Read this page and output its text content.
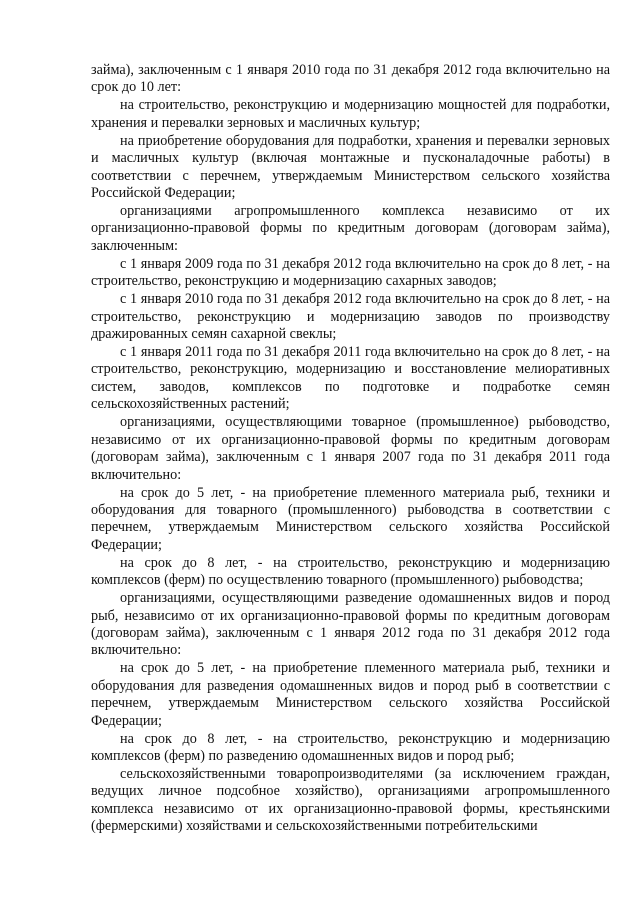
займа), заключенным с 1 января 2010 года по 31 декабря 2012 года включительно на срок до 10 лет:

на строительство, реконструкцию и модернизацию мощностей для подработки, хранения и перевалки зерновых и масличных культур;

на приобретение оборудования для подработки, хранения и перевалки зерновых и масличных культур (включая монтажные и пусконаладочные работы) в соответствии с перечнем, утверждаемым Министерством сельского хозяйства Российской Федерации;

организациями агропромышленного комплекса независимо от их организационно-правовой формы по кредитным договорам (договорам займа), заключенным:

с 1 января 2009 года по 31 декабря 2012 года включительно на срок до 8 лет, - на строительство, реконструкцию и модернизацию сахарных заводов;

с 1 января 2010 года по 31 декабря 2012 года включительно на срок до 8 лет, - на строительство, реконструкцию и модернизацию заводов по производству дражированных семян сахарной свеклы;

с 1 января 2011 года по 31 декабря 2011 года включительно на срок до 8 лет, - на строительство, реконструкцию, модернизацию и восстановление мелиоративных систем, заводов, комплексов по подготовке и подработке семян сельскохозяйственных растений;

организациями, осуществляющими товарное (промышленное) рыбоводство, независимо от их организационно-правовой формы по кредитным договорам (договорам займа), заключенным с 1 января 2007 года по 31 декабря 2011 года включительно:

на срок до 5 лет, - на приобретение племенного материала рыб, техники и оборудования для товарного (промышленного) рыбоводства в соответствии с перечнем, утверждаемым Министерством сельского хозяйства Российской Федерации;

на срок до 8 лет, - на строительство, реконструкцию и модернизацию комплексов (ферм) по осуществлению товарного (промышленного) рыбоводства;

организациями, осуществляющими разведение одомашненных видов и пород рыб, независимо от их организационно-правовой формы по кредитным договорам (договорам займа), заключенным с 1 января 2012 года по 31 декабря 2012 года включительно:

на срок до 5 лет, - на приобретение племенного материала рыб, техники и оборудования для разведения одомашненных видов и пород рыб в соответствии с перечнем, утверждаемым Министерством сельского хозяйства Российской Федерации;

на срок до 8 лет, - на строительство, реконструкцию и модернизацию комплексов (ферм) по разведению одомашненных видов и пород рыб;

сельскохозяйственными товаропроизводителями (за исключением граждан, ведущих личное подсобное хозяйство), организациями агропромышленного комплекса независимо от их организационно-правовой формы, крестьянскими (фермерскими) хозяйствами и сельскохозяйственными потребительскими
